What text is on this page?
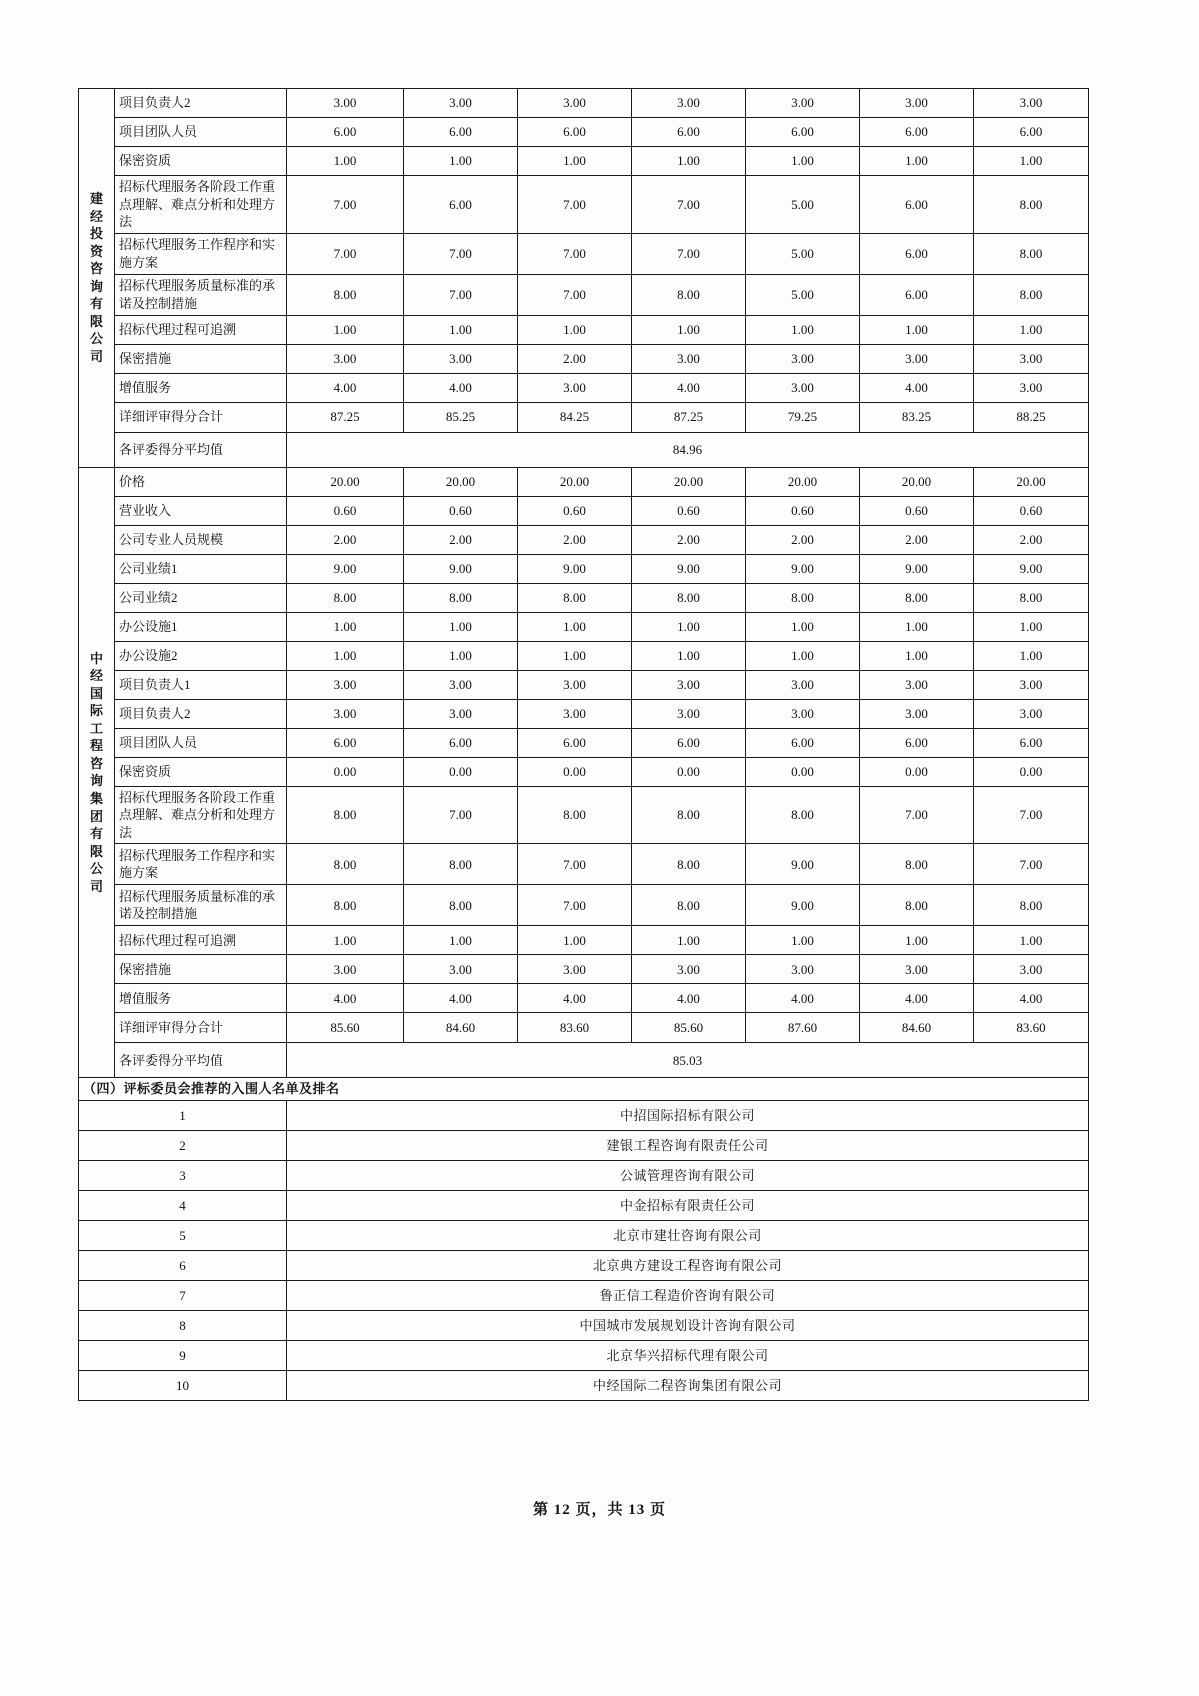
建
经
投
资
咨
询
有
限
公
司
	项目负责人2	3.00	3.00	3.00	3.00	3.00	3.00	3.00
	项目团队人员	6.00	6.00	6.00	6.00	6.00	6.00	6.00
	保密资质	1.00	1.00	1.00	1.00	1.00	1.00	1.00
	招标代理服务各阶段工作重点理解、难点分析和处理方法	7.00	6.00	7.00	7.00	5.00	6.00	8.00
	招标代理服务工作程序和实施方案	7.00	7.00	7.00	7.00	5.00	6.00	8.00
	招标代理服务质量标准的承诺及控制措施	8.00	7.00	7.00	8.00	5.00	6.00	8.00
	招标代理过程可追溯	1.00	1.00	1.00	1.00	1.00	1.00	1.00
	保密措施	3.00	3.00	2.00	3.00	3.00	3.00	3.00
	增值服务	4.00	4.00	3.00	4.00	3.00	4.00	3.00
	详细评审得分合计	87.25	85.25	84.25	87.25	79.25	83.25	88.25
	各评委得分平均值	84.96						

中
经
国
际
工
程
咨
询
集
团
有
限
公
司
	价格	20.00	20.00	20.00	20.00	20.00	20.00	20.00
	营业收入	0.60	0.60	0.60	0.60	0.60	0.60	0.60
	公司专业人员规模	2.00	2.00	2.00	2.00	2.00	2.00	2.00
	公司业绩1	9.00	9.00	9.00	9.00	9.00	9.00	9.00
	公司业绩2	8.00	8.00	8.00	8.00	8.00	8.00	8.00
	办公设施1	1.00	1.00	1.00	1.00	1.00	1.00	1.00
	办公设施2	1.00	1.00	1.00	1.00	1.00	1.00	1.00
	项目负责人1	3.00	3.00	3.00	3.00	3.00	3.00	3.00
	项目负责人2	3.00	3.00	3.00	3.00	3.00	3.00	3.00
	项目团队人员	6.00	6.00	6.00	6.00	6.00	6.00	6.00
	保密资质	0.00	0.00	0.00	0.00	0.00	0.00	0.00
	招标代理服务各阶段工作重点理解、难点分析和处理方法	8.00	7.00	8.00	8.00	8.00	7.00	7.00
	招标代理服务工作程序和实施方案	8.00	8.00	7.00	8.00	9.00	8.00	7.00
	招标代理服务质量标准的承诺及控制措施	8.00	8.00	7.00	8.00	9.00	8.00	8.00
	招标代理过程可追溯	1.00	1.00	1.00	1.00	1.00	1.00	1.00
	保密措施	3.00	3.00	3.00	3.00	3.00	3.00	3.00
	增值服务	4.00	4.00	4.00	4.00	4.00	4.00	4.00
	详细评审得分合计	85.60	84.60	83.60	85.60	87.60	84.60	83.60
	各评委得分平均值	85.03						
（四）评标委员会推荐的入围人名单及排名								
1		中招国际招标有限公司						
2		建银工程咨询有限责任公司						
3		公诚管理咨询有限公司						
4		中金招标有限责任公司						
5		北京市建壮咨询有限公司						
6		北京典方建设工程咨询有限公司						
7		鲁正信工程造价咨询有限公司						
8		中国城市发展规划设计咨询有限公司						
9		北京华兴招标代理有限公司						
10		中经国际二程咨询集团有限公司						
第 12 页，共 13 页
